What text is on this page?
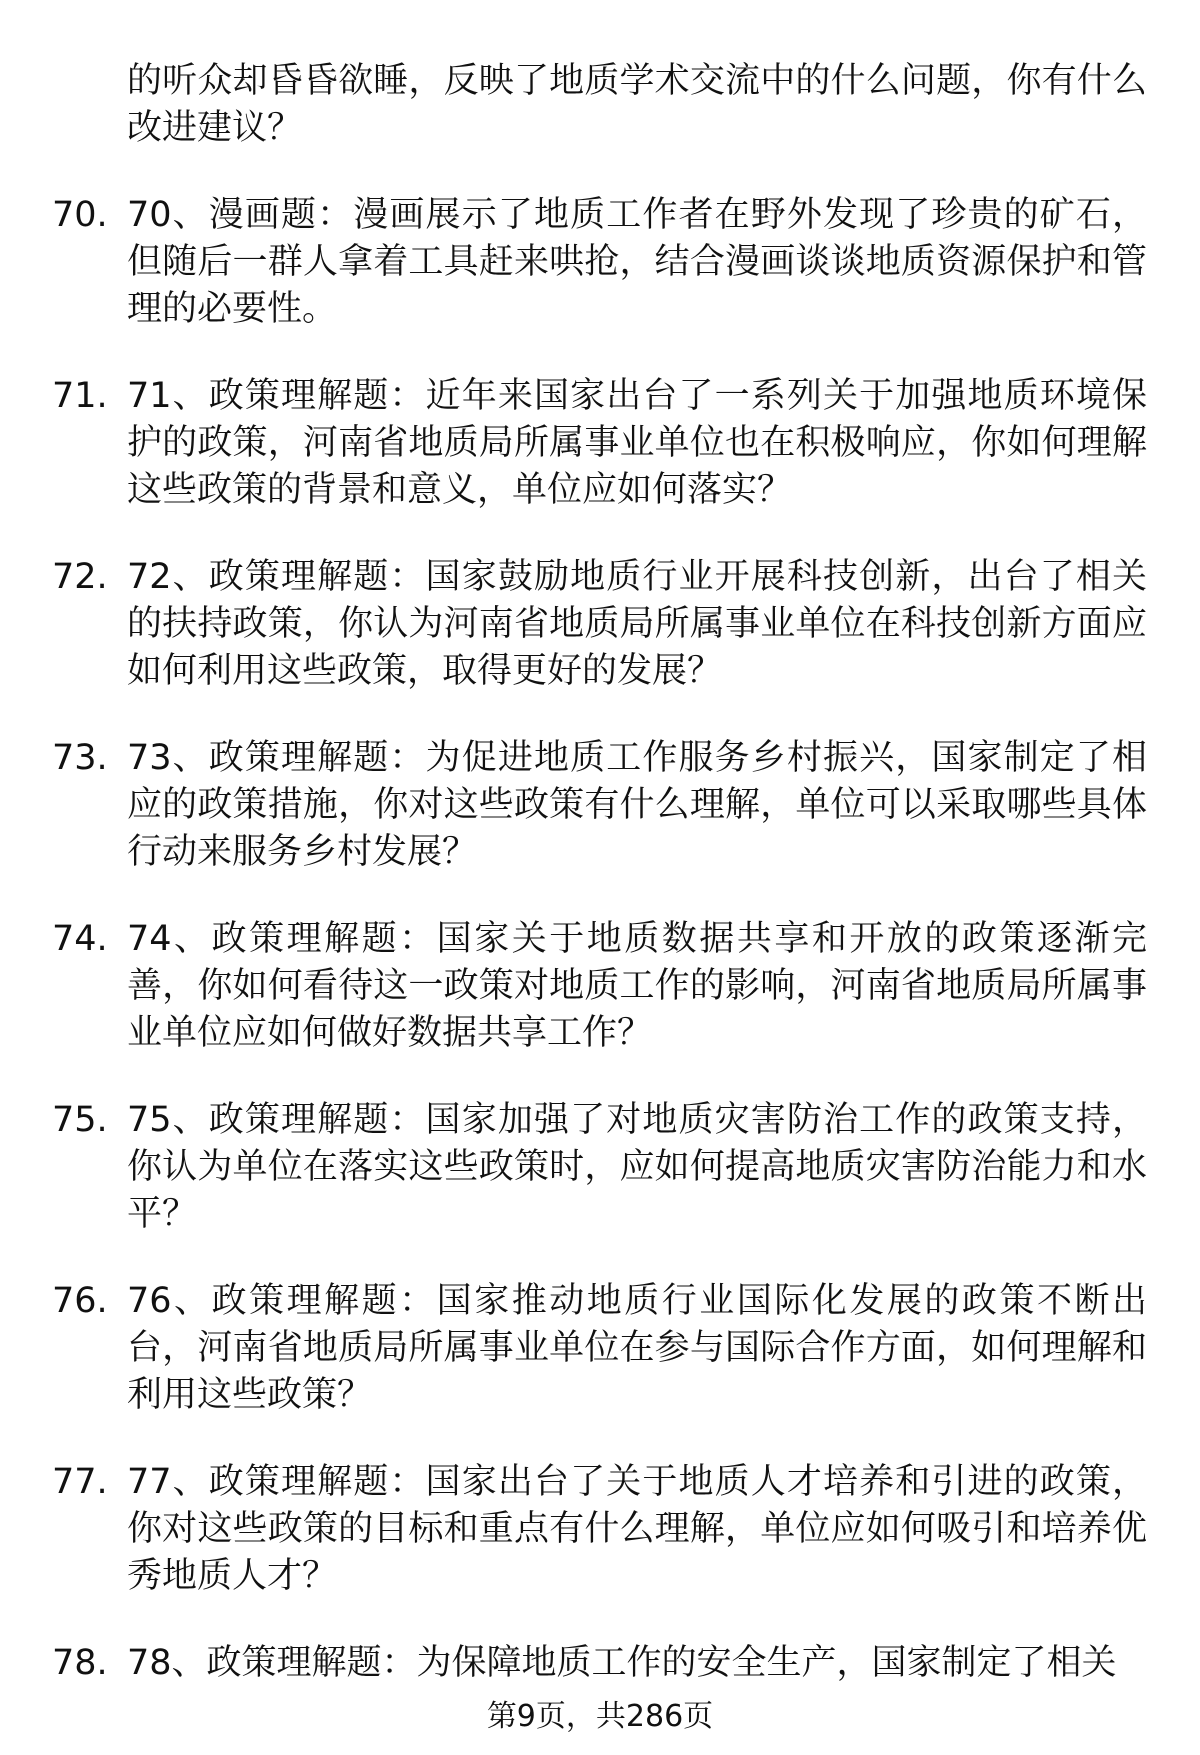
的听众却昏昏欲睡，反映了地质学术交流中的什么问题，你有什么改进建议？
70. 70、漫画题：漫画展示了地质工作者在野外发现了珍贵的矿石，但随后一群人拿着工具赶来哄抢，结合漫画谈谈地质资源保护和管理的必要性。
71. 71、政策理解题：近年来国家出台了一系列关于加强地质环境保护的政策，河南省地质局所属事业单位也在积极响应，你如何理解这些政策的背景和意义，单位应如何落实？
72. 72、政策理解题：国家鼓励地质行业开展科技创新，出台了相关的扶持政策，你认为河南省地质局所属事业单位在科技创新方面应如何利用这些政策，取得更好的发展？
73. 73、政策理解题：为促进地质工作服务乡村振兴，国家制定了相应的政策措施，你对这些政策有什么理解，单位可以采取哪些具体行动来服务乡村发展？
74. 74、政策理解题：国家关于地质数据共享和开放的政策逐渐完善，你如何看待这一政策对地质工作的影响，河南省地质局所属事业单位应如何做好数据共享工作？
75. 75、政策理解题：国家加强了对地质灾害防治工作的政策支持，你认为单位在落实这些政策时，应如何提高地质灾害防治能力和水平？
76. 76、政策理解题：国家推动地质行业国际化发展的政策不断出台，河南省地质局所属事业单位在参与国际合作方面，如何理解和利用这些政策？
77. 77、政策理解题：国家出台了关于地质人才培养和引进的政策，你对这些政策的目标和重点有什么理解，单位应如何吸引和培养优秀地质人才？
78. 78、政策理解题：为保障地质工作的安全生产，国家制定了相关
第9页，共286页
